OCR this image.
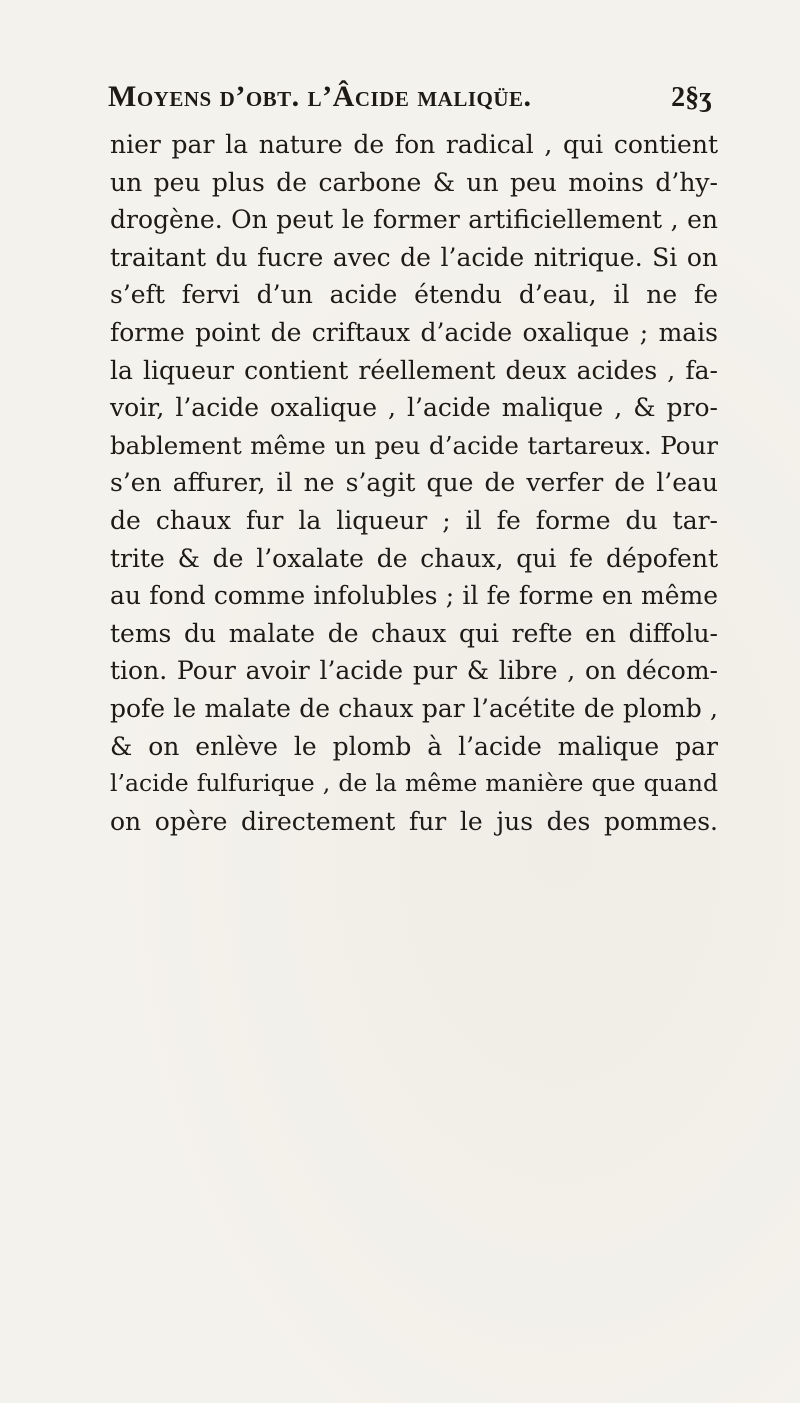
Moyens d’obt. l’Âcide maliqüe.	2§ʒ
nier par la nature de fon radical , qui contient
un peu plus de carbone & un peu moins d’hy-
drogène. On peut le former artificiellement , en
traitant du fucre avec de l’acide nitrique. Si on
s’eft fervi d’un acide étendu d’eau, il ne fe
forme point de criftaux d’acide oxalique ; mais
la liqueur contient réellement deux acides , fa-
voir, l’acide oxalique , l’acide malique , & pro-
bablement même un peu d’acide tartareux. Pour
s’en affurer, il ne s’agit que de verfer de l’eau
de chaux fur la liqueur ; il fe forme du tar-
trite & de l’oxalate de chaux, qui fe dépofent
au fond comme infolubles ; il fe forme en même
tems du malate de chaux qui refte en diffolu-
tion. Pour avoir l’acide pur & libre , on décom-
pofe le malate de chaux par l’acétite de plomb ,
& on enlève le plomb à l’acide malique par
l’acide fulfurique , de la même manière que quand
on opère directement fur le jus des pommes.
